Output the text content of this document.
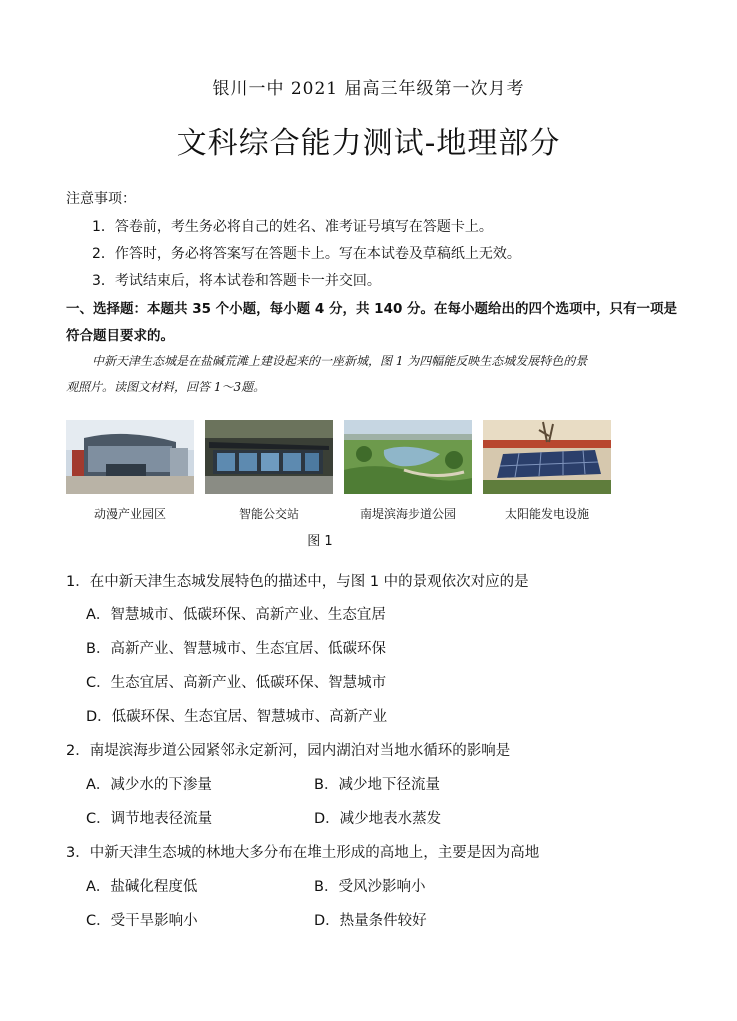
银川一中 2021 届高三年级第一次月考
文科综合能力测试-地理部分
注意事项：
1．答卷前，考生务必将自己的姓名、准考证号填写在答题卡上。
2．作答时，务必将答案写在答题卡上。写在本试卷及草稿纸上无效。
3．考试结束后，将本试卷和答题卡一并交回。
一、选择题：本题共 35 个小题，每小题 4 分，共 140 分。在每小题给出的四个选项中，只有一项是
符合题目要求的。
中新天津生态城是在盐碱荒滩上建设起来的一座新城，图 1 为四幅能反映生态城发展特色的景
观照片。读图文材料，回答 1～3题。
动漫产业园区	智能公交站	南堤滨海步道公园	太阳能发电设施
图 1
1．在中新天津生态城发展特色的描述中，与图 1 中的景观依次对应的是
A．智慧城市、低碳环保、高新产业、生态宜居
B．高新产业、智慧城市、生态宜居、低碳环保
C．生态宜居、高新产业、低碳环保、智慧城市
D．低碳环保、生态宜居、智慧城市、高新产业
2．南堤滨海步道公园紧邻永定新河，园内湖泊对当地水循环的影响是
A．减少水的下渗量	B．减少地下径流量
C．调节地表径流量	D．减少地表水蒸发
3．中新天津生态城的林地大多分布在堆土形成的高地上，主要是因为高地
A．盐碱化程度低	B．受风沙影响小
C．受干旱影响小	D．热量条件较好
